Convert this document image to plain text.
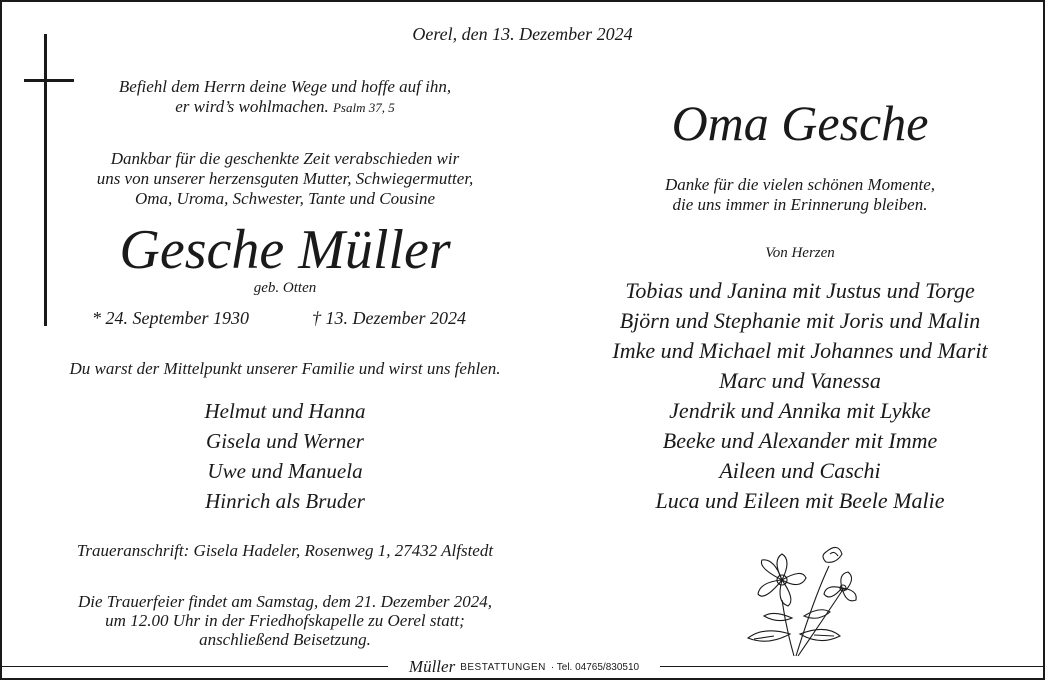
Oerel, den 13. Dezember 2024
Befiehl dem Herrn deine Wege und hoffe auf ihn,
er wird’s wohlmachen. Psalm 37, 5
Dankbar für die geschenkte Zeit verabschieden wir
uns von unserer herzensguten Mutter, Schwiegermutter,
Oma, Uroma, Schwester, Tante und Cousine
Gesche Müller
geb. Otten
* 24. September 1930	† 13. Dezember 2024
Du warst der Mittelpunkt unserer Familie und wirst uns fehlen.
Helmut und Hanna
Gisela und Werner
Uwe und Manuela
Hinrich als Bruder
Traueranschrift: Gisela Hadeler, Rosenweg 1, 27432 Alfstedt
Die Trauerfeier findet am Samstag, dem 21. Dezember 2024,
um 12.00 Uhr in der Friedhofskapelle zu Oerel statt;
anschließend Beisetzung.
Oma Gesche
Danke für die vielen schönen Momente,
die uns immer in Erinnerung bleiben.
Von Herzen
Tobias und Janina mit Justus und Torge
Björn und Stephanie mit Joris und Malin
Imke und Michael mit Johannes und Marit
Marc und Vanessa
Jendrik und Annika mit Lykke
Beeke und Alexander mit Imme
Aileen und Caschi
Luca und Eileen mit Beele Malie
Müller BESTATTUNGEN · Tel. 04765/830510
